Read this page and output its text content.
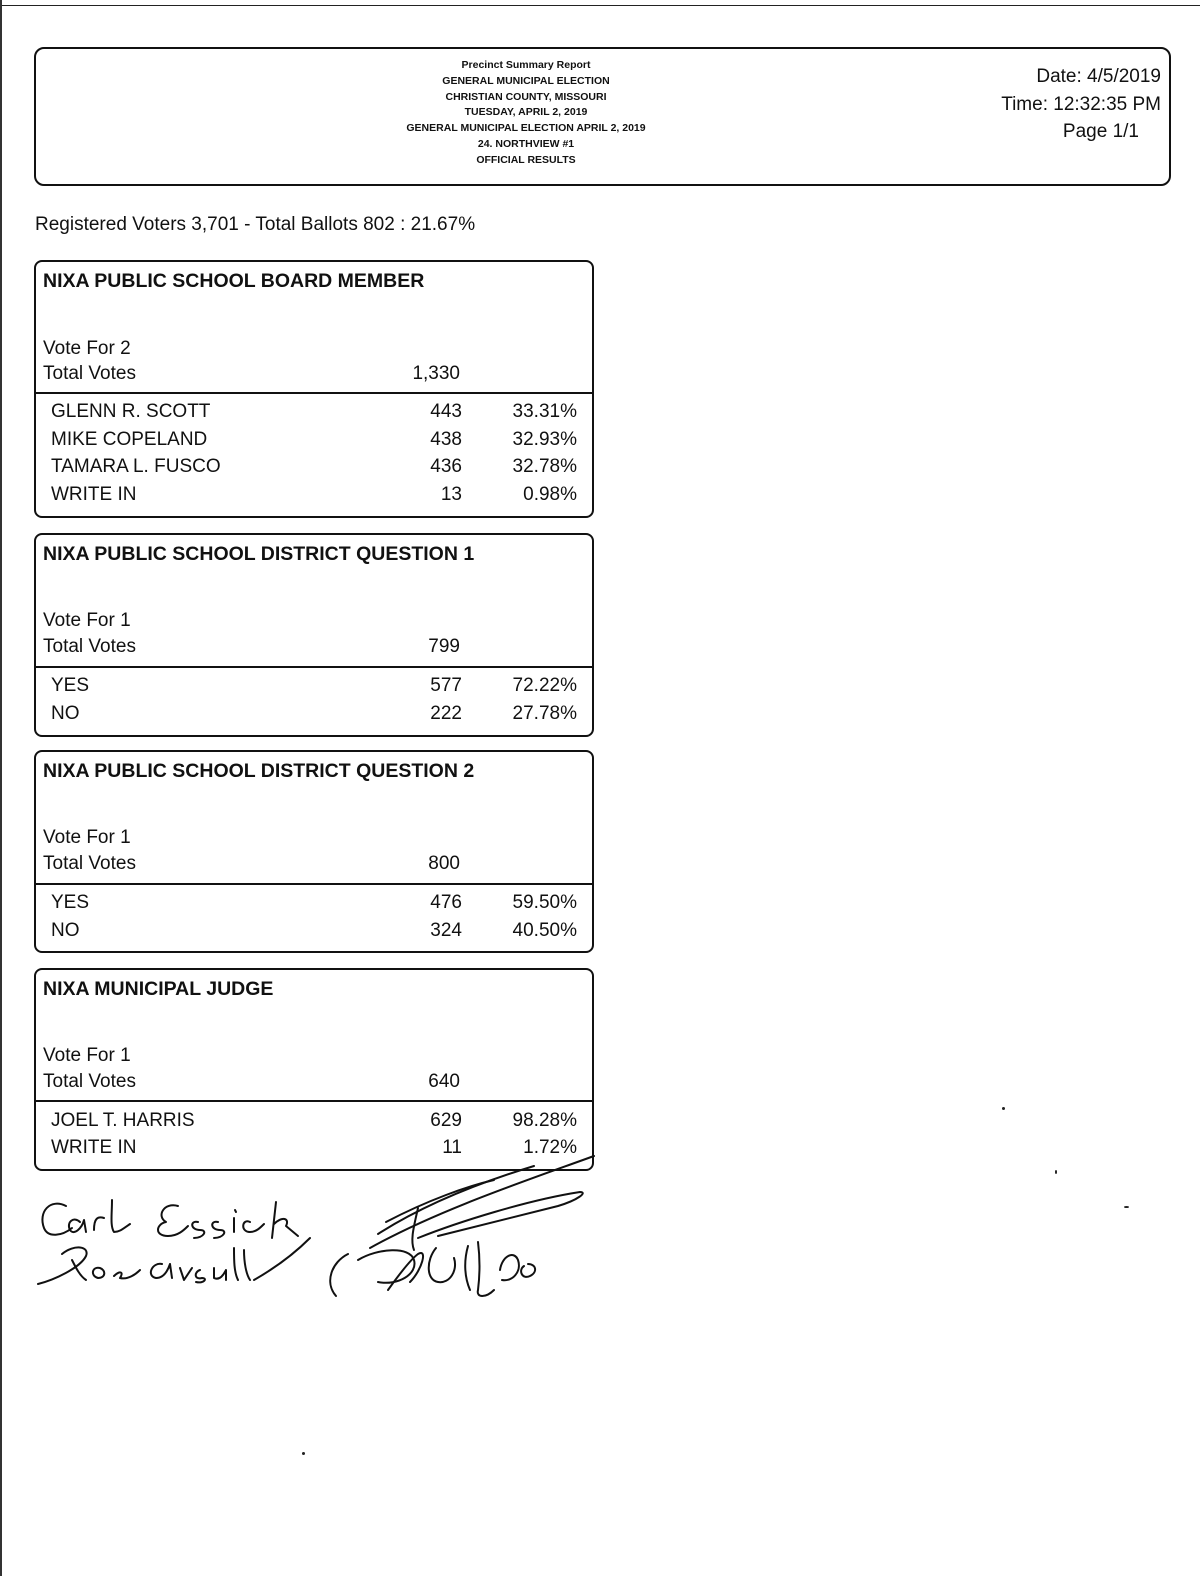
Precinct Summary Report
GENERAL MUNICIPAL ELECTION
CHRISTIAN COUNTY, MISSOURI
TUESDAY, APRIL 2, 2019
GENERAL MUNICIPAL ELECTION APRIL 2, 2019
24. NORTHVIEW #1
OFFICIAL RESULTS
Date: 4/5/2019
Time: 12:32:35 PM
Page 1/1
Registered Voters 3,701 - Total Ballots 802 : 21.67%
NIXA PUBLIC SCHOOL BOARD MEMBER
Vote For 2
Total Votes	1,330
GLENN R. SCOTT	443	33.31%
MIKE COPELAND	438	32.93%
TAMARA L. FUSCO	436	32.78%
WRITE IN	13	0.98%
NIXA PUBLIC SCHOOL DISTRICT QUESTION 1
Vote For 1
Total Votes	799
YES	577	72.22%
NO	222	27.78%
NIXA PUBLIC SCHOOL DISTRICT QUESTION 2
Vote For 1
Total Votes	800
YES	476	59.50%
NO	324	40.50%
NIXA MUNICIPAL JUDGE
Vote For 1
Total Votes	640
JOEL T. HARRIS	629	98.28%
WRITE IN	11	1.72%
